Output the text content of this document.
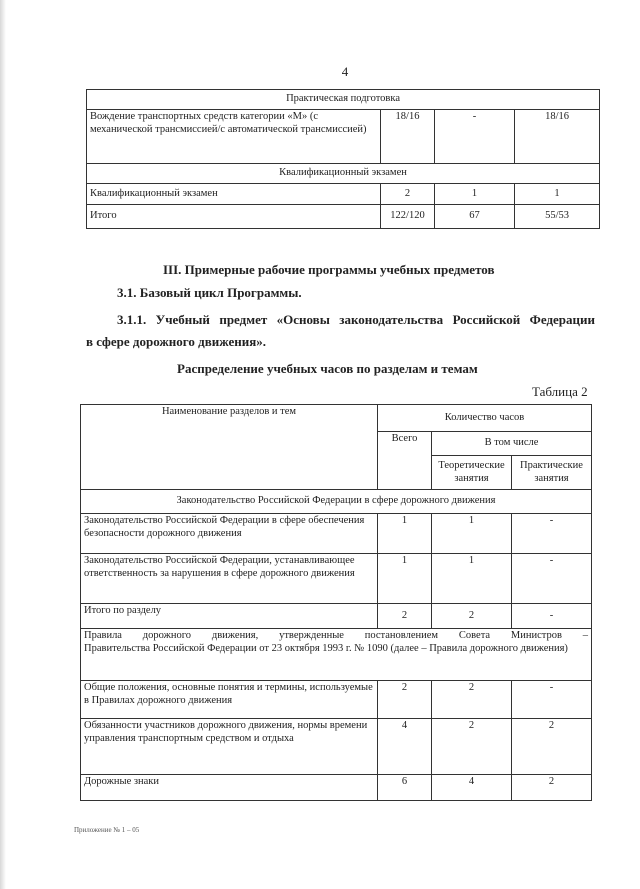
4
Практическая подготовка			
Вождение транспортных средств категории «М» (с механической трансмиссией/с автоматической трансмиссией)	18/16	-	18/16
Квалификационный экзамен			
Квалификационный экзамен	2	1	1
Итого	122/120	67	55/53
III. Примерные рабочие программы учебных предметов
3.1. Базовый цикл Программы.
3.1.1. Учебный предмет «Основы законодательства Российской Федерации
в сфере дорожного движения».
Распределение учебных часов по разделам и темам
Таблица 2
Наименование разделов и тем	Количество часов		
	Всего	В том числе	
		Теоретические занятия	Практические занятия
Законодательство Российской Федерации в сфере дорожного движения			
Законодательство Российской Федерации в сфере обеспечения безопасности дорожного движения	1	1	-
Законодательство Российской Федерации, устанавливающее ответственность за нарушения в сфере дорожного движения	1	1	-
Итого по разделу	2	2	-

Правила дорожного движения, утвержденные постановлением Совета Министров –
Правительства Российской Федерации от 23 октября 1993 г. № 1090 (далее – Правила дорожного движения)			

Общие положения, основные понятия и термины, используемые в Правилах дорожного движения	2	2	-
Обязанности участников дорожного движения, нормы времени управления транспортным средством и отдыха	4	2	2
Дорожные знаки	6	4	2
Приложение № 1 – 05
